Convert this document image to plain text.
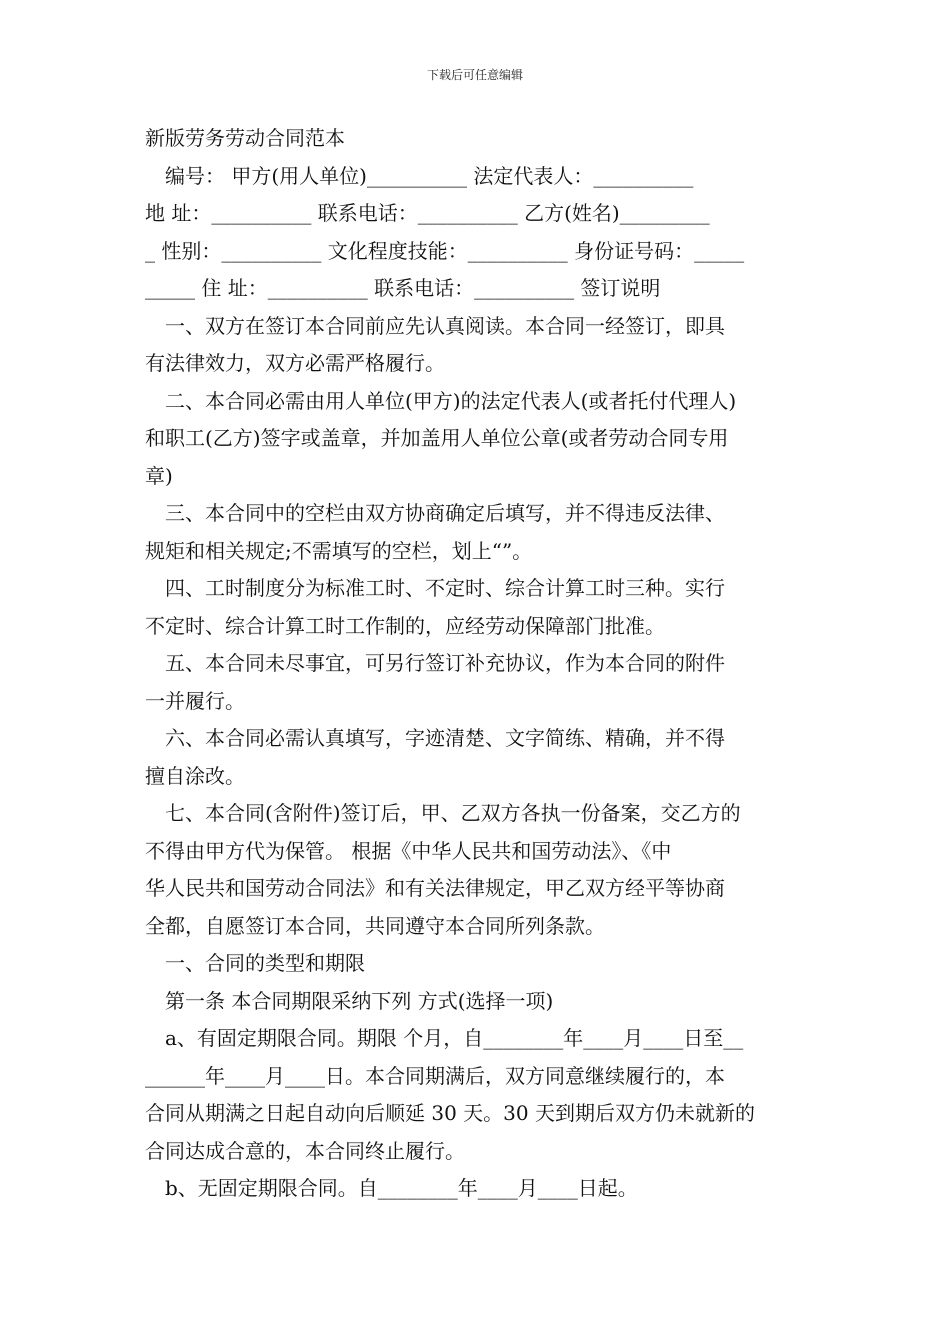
下载后可任意编辑
新版劳务劳动合同范本
编号： 甲方(用人单位)__________ 法定代表人：__________
地 址：__________ 联系电话：__________ 乙方(姓名)_________
_ 性别：__________ 文化程度技能：__________ 身份证号码：_____
_____ 住 址：__________ 联系电话：__________ 签订说明
一、双方在签订本合同前应先认真阅读。本合同一经签订，即具
有法律效力，双方必需严格履行。
二、本合同必需由用人单位(甲方)的法定代表人(或者托付代理人)
和职工(乙方)签字或盖章，并加盖用人单位公章(或者劳动合同专用
章)
三、本合同中的空栏由双方协商确定后填写，并不得违反法律、
规矩和相关规定;不需填写的空栏，划上“”。
四、工时制度分为标准工时、不定时、综合计算工时三种。实行
不定时、综合计算工时工作制的，应经劳动保障部门批准。
五、本合同未尽事宜，可另行签订补充协议，作为本合同的附件
一并履行。
六、本合同必需认真填写，字迹清楚、文字简练、精确，并不得
擅自涂改。
七、本合同(含附件)签订后，甲、乙双方各执一份备案，交乙方的
不得由甲方代为保管。 根据《中华人民共和国劳动法》、《中
华人民共和国劳动合同法》和有关法律规定，甲乙双方经平等协商
全都，自愿签订本合同，共同遵守本合同所列条款。
一、合同的类型和期限
第一条 本合同期限采纳下列 方式(选择一项)
a、有固定期限合同。期限 个月，自________年____月____日至__
______年____月____日。本合同期满后，双方同意继续履行的，本
合同从期满之日起自动向后顺延 30 天。30 天到期后双方仍未就新的
合同达成合意的，本合同终止履行。
b、无固定期限合同。自________年____月____日起。
